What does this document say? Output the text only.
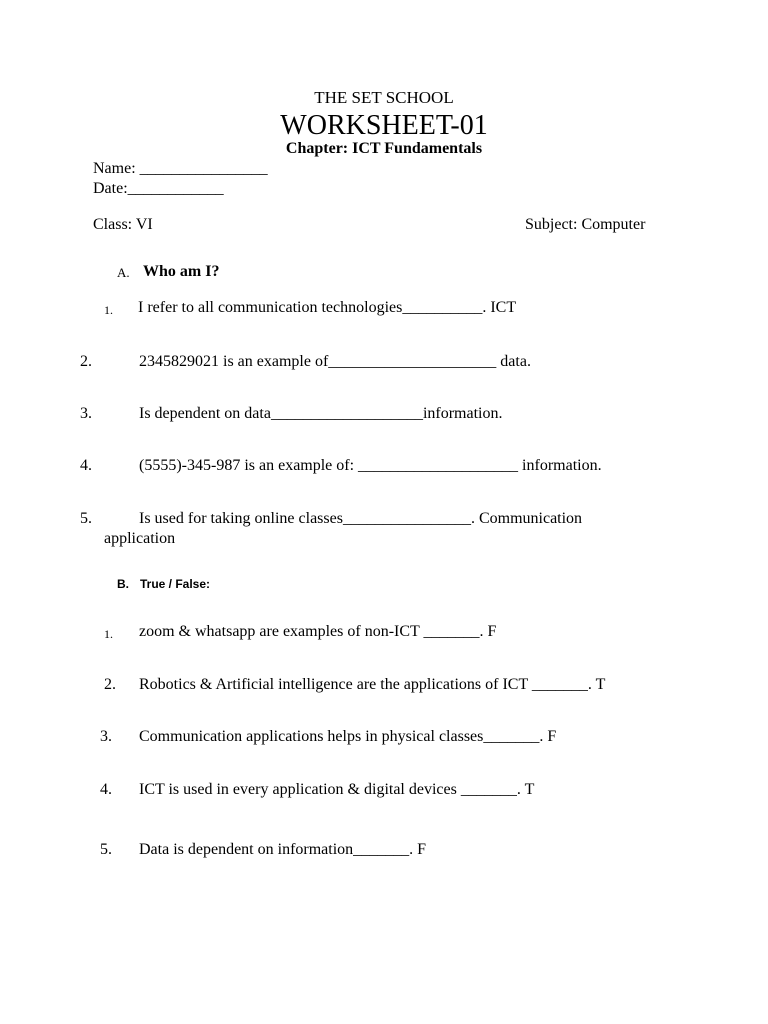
THE SET SCHOOL
WORKSHEET-01
Chapter: ICT Fundamentals
Name: ________________
Date:____________
Class: VI	Subject: Computer
A. Who am I?
1. I refer to all communication technologies__________. ICT
2.	2345829021 is an example of_____________________ data.
3.	Is dependent on data___________________information.
4.	(5555)-345-987 is an example of: ____________________ information.
5.	Is used for taking online classes________________. Communication
application
B. True / False:
1. zoom & whatsapp are examples of non-ICT _______. F
2. Robotics & Artificial intelligence are the applications of ICT _______. T
3. Communication applications helps in physical classes_______. F
4. ICT is used in every application & digital devices _______. T
5. Data is dependent on information_______. F
